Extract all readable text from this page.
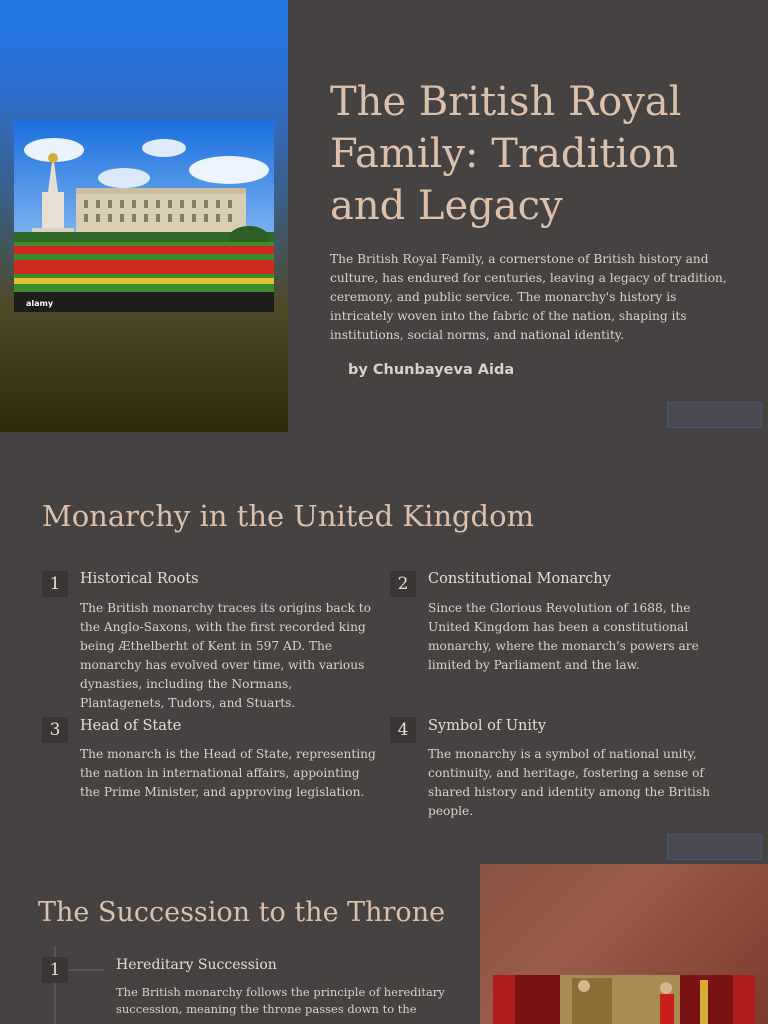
alamy
The British Royal Family: Tradition and Legacy

The British Royal Family, a cornerstone of British history and culture, has endured for centuries, leaving a legacy of tradition, ceremony, and public service. The monarchy's history is intricately woven into the fabric of the nation, shaping its institutions, social norms, and national identity.

by Chunbayeva Aida
Monarchy in the United Kingdom
1	Historical Roots

The British monarchy traces its origins back to the Anglo-Saxons, with the first recorded king being Æthelberht of Kent in 597 AD. The monarchy has evolved over time, with various dynasties, including the Normans, Plantagenets, Tudors, and Stuarts.

2	Constitutional Monarchy

Since the Glorious Revolution of 1688, the United Kingdom has been a constitutional monarchy, where the monarch's powers are limited by Parliament and the law.

3	Head of State

The monarch is the Head of State, representing the nation in international affairs, appointing the Prime Minister, and approving legislation.

4	Symbol of Unity

The monarchy is a symbol of national unity, continuity, and heritage, fostering a sense of shared history and identity among the British people.

The Succession to the Throne
1	Hereditary Succession

The British monarchy follows the principle of hereditary succession, meaning the throne passes down to the
